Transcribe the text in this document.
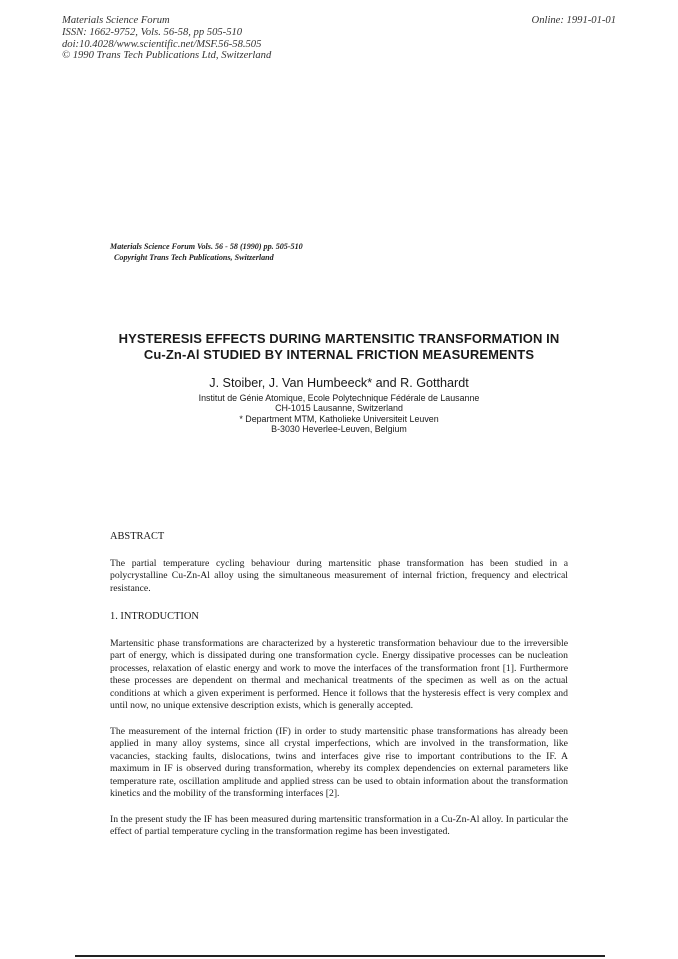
Materials Science Forum
ISSN: 1662-9752, Vols. 56-58, pp 505-510
doi:10.4028/www.scientific.net/MSF.56-58.505
© 1990 Trans Tech Publications Ltd, Switzerland
Online: 1991-01-01
Materials Science Forum Vols. 56 - 58 (1990) pp. 505-510
Copyright Trans Tech Publications, Switzerland
HYSTERESIS EFFECTS DURING MARTENSITIC TRANSFORMATION IN
Cu-Zn-Al STUDIED BY INTERNAL FRICTION MEASUREMENTS
J. Stoiber, J. Van Humbeeck* and R. Gotthardt
Institut de Génie Atomique, Ecole Polytechnique Fédérale de Lausanne
CH-1015 Lausanne, Switzerland
* Department MTM, Katholieke Universiteit Leuven
B-3030 Heverlee-Leuven, Belgium
ABSTRACT

The partial temperature cycling behaviour during martensitic phase transformation has been studied in a polycrystalline Cu-Zn-Al alloy using the simultaneous measurement of internal friction, frequency and electrical resistance.

1. INTRODUCTION

Martensitic phase transformations are characterized by a hysteretic transformation behaviour due to the irreversible part of energy, which is dissipated during one transformation cycle. Energy dissipative processes can be nucleation processes, relaxation of elastic energy and work to move the interfaces of the transformation front [1]. Furthermore these processes are dependent on thermal and mechanical treatments of the specimen as well as on the actual conditions at which a given experiment is performed. Hence it follows that the hysteresis effect is very complex and until now, no unique extensive description exists, which is generally accepted.

The measurement of the internal friction (IF) in order to study martensitic phase transformations has already been applied in many alloy systems, since all crystal imperfections, which are involved in the transformation, like vacancies, stacking faults, dislocations, twins and interfaces give rise to important contributions to the IF. A maximum in IF is observed during transformation, whereby its complex dependencies on external parameters like temperature rate, oscillation amplitude and applied stress can be used to obtain information about the transformation kinetics and the mobility of the transforming interfaces [2].

In the present study the IF has been measured during martensitic transformation in a Cu-Zn-Al alloy. In particular the effect of partial temperature cycling in the transformation regime has been investigated.
